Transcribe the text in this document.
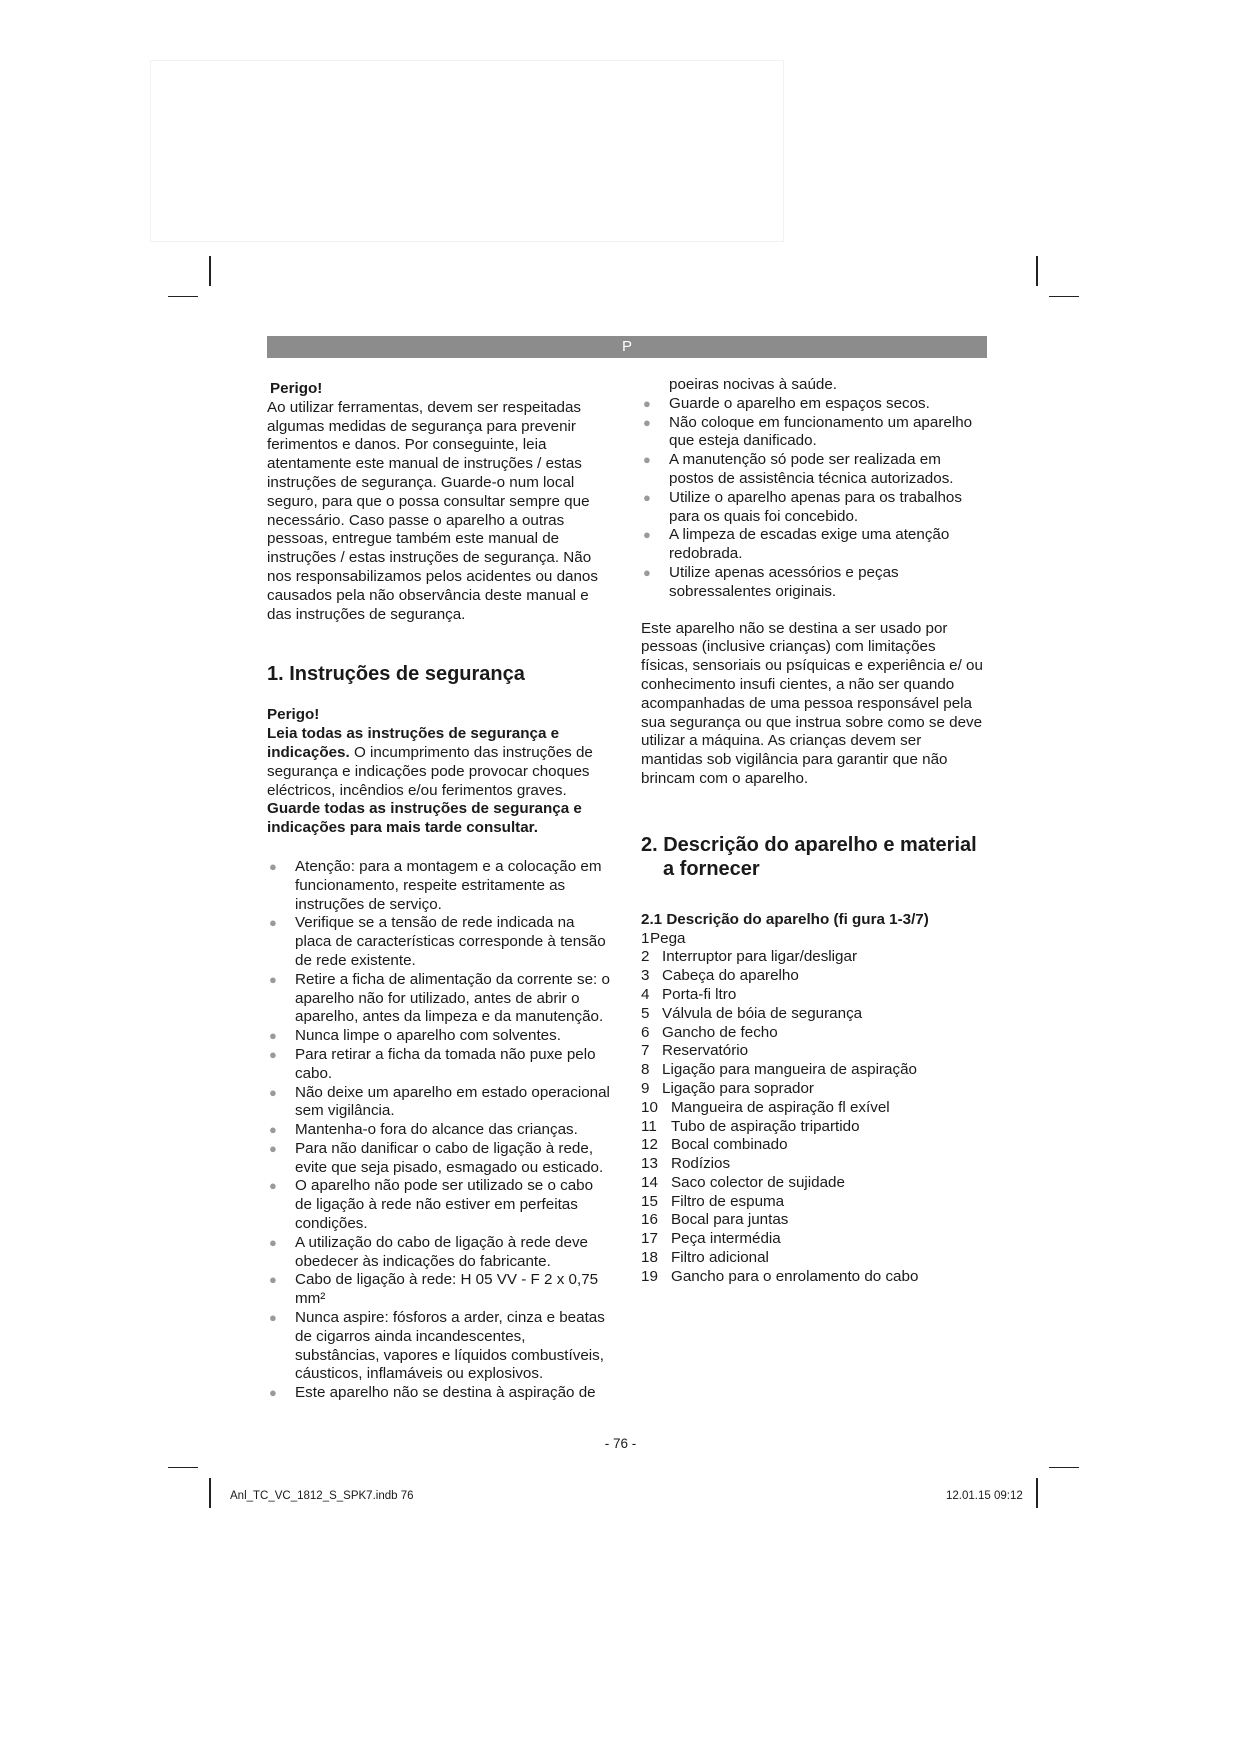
P

Perigo!

Ao utilizar ferramentas, devem ser respeitadas algumas medidas de segurança para prevenir ferimentos e danos. Por conseguinte, leia atentamente este manual de instruções / estas instruções de segurança. Guarde-o num local seguro, para que o possa consultar sempre que necessário. Caso passe o aparelho a outras pessoas, entregue também este manual de instruções / estas instruções de segurança. Não nos responsabilizamos pelos acidentes ou danos causados pela não observância deste manual e das instruções de segurança.

1. Instruções de segurança

Perigo!

Leia todas as instruções de segurança e indicações. O incumprimento das instruções de segurança e indicações pode provocar choques eléctricos, incêndios e/ou ferimentos graves.

Guarde todas as instruções de segurança e indicações para mais tarde consultar.

● Atenção: para a montagem e a colocação em funcionamento, respeite estritamente as instruções de serviço.
● Verifique se a tensão de rede indicada na placa de características corresponde à tensão de rede existente.
● Retire a ficha de alimentação da corrente se: o aparelho não for utilizado, antes de abrir o aparelho, antes da limpeza e da manutenção.
● Nunca limpe o aparelho com solventes.
● Para retirar a ficha da tomada não puxe pelo cabo.
● Não deixe um aparelho em estado operacional sem vigilância.
● Mantenha-o fora do alcance das crianças.
● Para não danificar o cabo de ligação à rede, evite que seja pisado, esmagado ou esticado.
● O aparelho não pode ser utilizado se o cabo de ligação à rede não estiver em perfeitas condições.
● A utilização do cabo de ligação à rede deve obedecer às indicações do fabricante.
● Cabo de ligação à rede: H 05 VV - F 2 x 0,75 mm²
● Nunca aspire: fósforos a arder, cinza e beatas de cigarros ainda incandescentes, substâncias, vapores e líquidos combustíveis, cáusticos, inflamáveis ou explosivos.
● Este aparelho não se destina à aspiração de

poeiras nocivas à saúde.

● Guarde o aparelho em espaços secos.
● Não coloque em funcionamento um aparelho que esteja danificado.
● A manutenção só pode ser realizada em postos de assistência técnica autorizados.
● Utilize o aparelho apenas para os trabalhos para os quais foi concebido.
● A limpeza de escadas exige uma atenção redobrada.
● Utilize apenas acessórios e peças sobressalentes originais.

Este aparelho não se destina a ser usado por pessoas (inclusive crianças) com limitações físicas, sensoriais ou psíquicas e experiência e/ ou conhecimento insufi cientes, a não ser quando acompanhadas de uma pessoa responsável pela sua segurança ou que instrua sobre como se deve utilizar a máquina. As crianças devem ser mantidas sob vigilância para garantir que não brincam com o aparelho.

2. Descrição do aparelho e material
a fornecer

2.1 Descrição do aparelho (fi gura 1-3/7)

1 Pega
2 Interruptor para ligar/desligar
3 Cabeça do aparelho
4 Porta-fi ltro
5 Válvula de bóia de segurança
6 Gancho de fecho
7 Reservatório
8 Ligação para mangueira de aspiração
9 Ligação para soprador
10 Mangueira de aspiração fl exível
11 Tubo de aspiração tripartido
12 Bocal combinado
13 Rodízios
14 Saco colector de sujidade
15 Filtro de espuma
16 Bocal para juntas
17 Peça intermédia
18 Filtro adicional
19 Gancho para o enrolamento do cabo
- 76 -
Anl_TC_VC_1812_S_SPK7.indb 76	12.01.15 09:12
